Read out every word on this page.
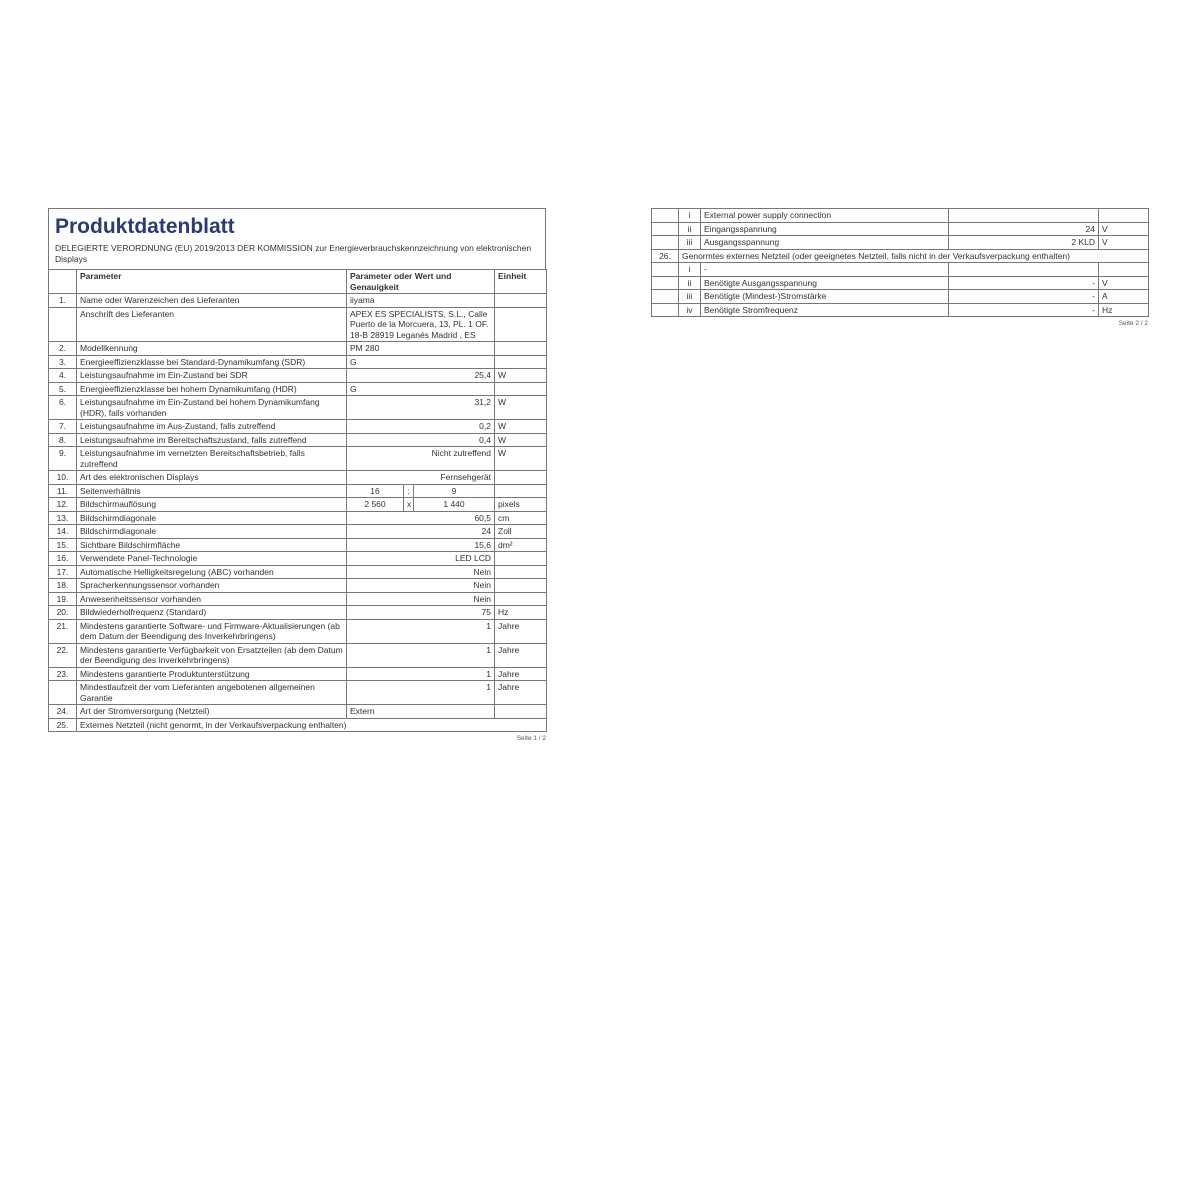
Produktdatenblatt
DELEGIERTE VERORDNUNG (EU) 2019/2013 DER KOMMISSION zur Energieverbrauchskennzeichnung von elektronischen Displays
	Parameter	Parameter oder Wert und Genauigkeit			Einheit
1.	Name oder Warenzeichen des Lieferanten	iiyama			
	Anschrift des Lieferanten	APEX ES SPECIALISTS, S.L., Calle Puerto de la Morcuera, 13, PL. 1 OF. 18-B 28919 Leganés Madrid , ES			
2.	Modellkennung	PM 280			
3.	Energieeffizienzklasse bei Standard-Dynamikumfang (SDR)	G			
4.	Leistungsaufnahme im Ein-Zustand bei SDR	25,4			W
5.	Energieeffizienzklasse bei hohem Dynamikumfang (HDR)	G			
6.	Leistungsaufnahme im Ein-Zustand bei hohem Dynamikumfang (HDR), falls vorhanden	31,2			W
7.	Leistungsaufnahme im Aus-Zustand, falls zutreffend	0,2			W
8.	Leistungsaufnahme im Bereitschaftszustand, falls zutreffend	0,4			W
9.	Leistungsaufnahme im vernetzten Bereitschaftsbetrieb, falls zutreffend	Nicht zutreffend			W
10.	Art des elektronischen Displays	Fernsehgerät			
11.	Seitenverhältnis	16	:	9	
12.	Bildschirmauflösung	2 560	x	1 440	pixels
13.	Bildschirmdiagonale	60,5			cm
14.	Bildschirmdiagonale	24			Zoll
15.	Sichtbare Bildschirmfläche	15,6			dm²
16.	Verwendete Panel-Technologie	LED LCD			
17.	Automatische Helligkeitsregelung (ABC) vorhanden	Nein			
18.	Spracherkennungssensor vorhanden	Nein			
19.	Anwesenheitssensor vorhanden	Nein			
20.	Bildwiederholfrequenz (Standard)	75			Hz
21.	Mindestens garantierte Software- und Firmware-Aktualisierungen (ab dem Datum der Beendigung des Inverkehrbringens)	1			Jahre
22.	Mindestens garantierte Verfügbarkeit von Ersatzteilen (ab dem Datum der Beendigung des Inverkehrbringens)	1			Jahre
23.	Mindestens garantierte Produktunterstützung	1			Jahre
	Mindestlaufzeit der vom Lieferanten angebotenen allgemeinen Garantie	1			Jahre
24.	Art der Stromversorgung (Netzteil)	Extern			
25.	Externes Netzteil (nicht genormt, in der Verkaufsverpackung enthalten)				
Seite 1 / 2
	i	External power supply connection		
	ii	Eingangsspannung	24	V
	iii	Ausgangsspannung	2 KLD	V
26.	Genormtes externes Netzteil (oder geeignetes Netzteil, falls nicht in der Verkaufsverpackung enthalten)			
	i	-		
	ii	Benötigte Ausgangsspannung	-	V
	iii	Benötigte (Mindest-)Stromstärke	-	A
	iv	Benötigte Stromfrequenz	-	Hz
Seite 2 / 2
